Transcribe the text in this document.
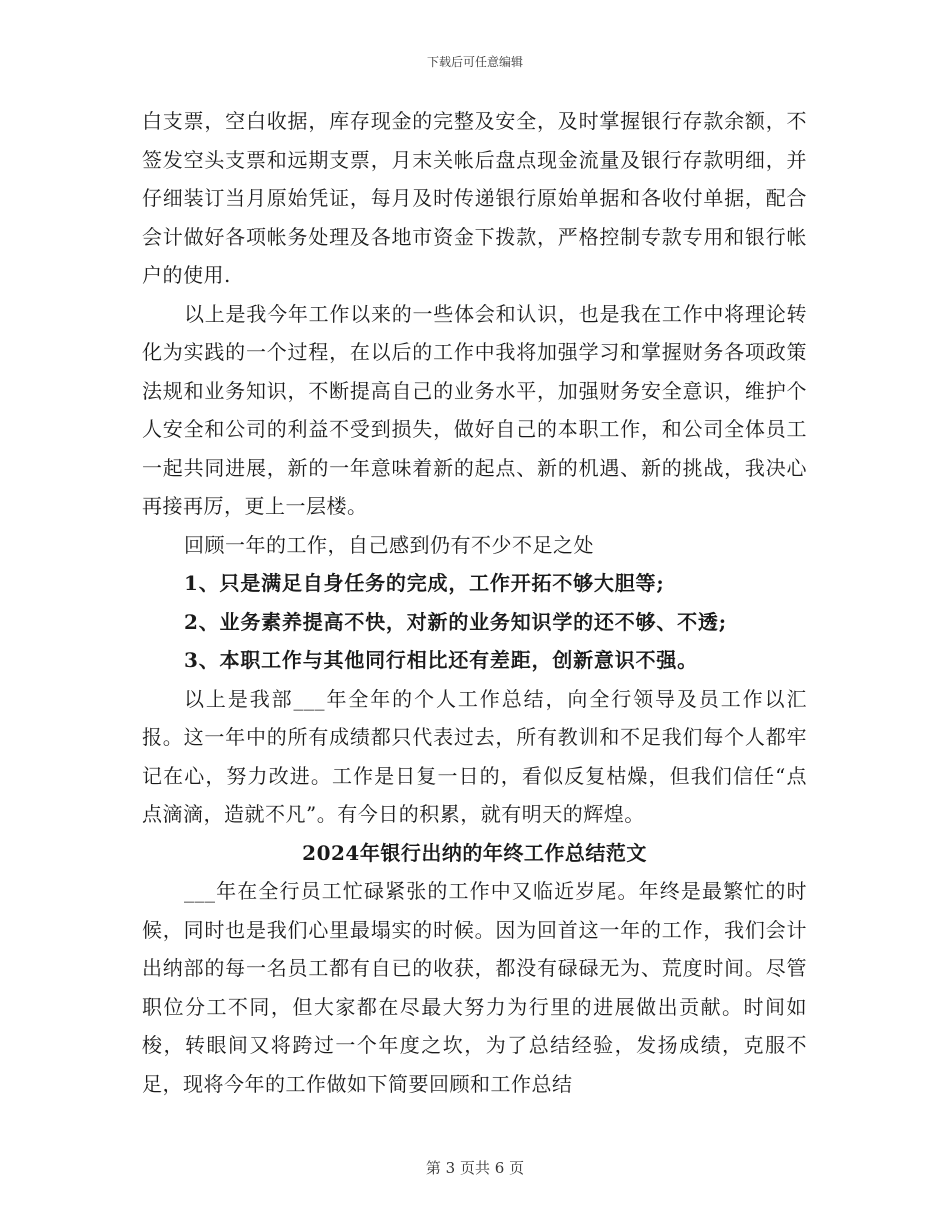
下载后可任意编辑

白支票，空白收据，库存现金的完整及安全，及时掌握银行存款余额，不签发空头支票和远期支票，月末关帐后盘点现金流量及银行存款明细，并仔细装订当月原始凭证，每月及时传递银行原始单据和各收付单据，配合会计做好各项帐务处理及各地市资金下拨款，严格控制专款专用和银行帐户的使用.

以上是我今年工作以来的一些体会和认识，也是我在工作中将理论转化为实践的一个过程，在以后的工作中我将加强学习和掌握财务各项政策法规和业务知识，不断提高自己的业务水平，加强财务安全意识，维护个人安全和公司的利益不受到损失，做好自己的本职工作，和公司全体员工一起共同进展，新的一年意味着新的起点、新的机遇、新的挑战，我决心再接再厉，更上一层楼。

回顾一年的工作，自己感到仍有不少不足之处

1、只是满足自身任务的完成，工作开拓不够大胆等;

2、业务素养提高不快，对新的业务知识学的还不够、不透;

3、本职工作与其他同行相比还有差距，创新意识不强。

以上是我部___年全年的个人工作总结，向全行领导及员工作以汇报。这一年中的所有成绩都只代表过去，所有教训和不足我们每个人都牢记在心，努力改进。工作是日复一日的，看似反复枯燥，但我们信任“点点滴滴，造就不凡”。有今日的积累，就有明天的辉煌。

2024年银行出纳的年终工作总结范文

___年在全行员工忙碌紧张的工作中又临近岁尾。年终是最繁忙的时候，同时也是我们心里最塌实的时候。因为回首这一年的工作，我们会计出纳部的每一名员工都有自已的收获，都没有碌碌无为、荒度时间。尽管职位分工不同，但大家都在尽最大努力为行里的进展做出贡献。时间如梭，转眼间又将跨过一个年度之坎，为了总结经验，发扬成绩，克服不足，现将今年的工作做如下简要回顾和工作总结

第 3 页共 6 页
